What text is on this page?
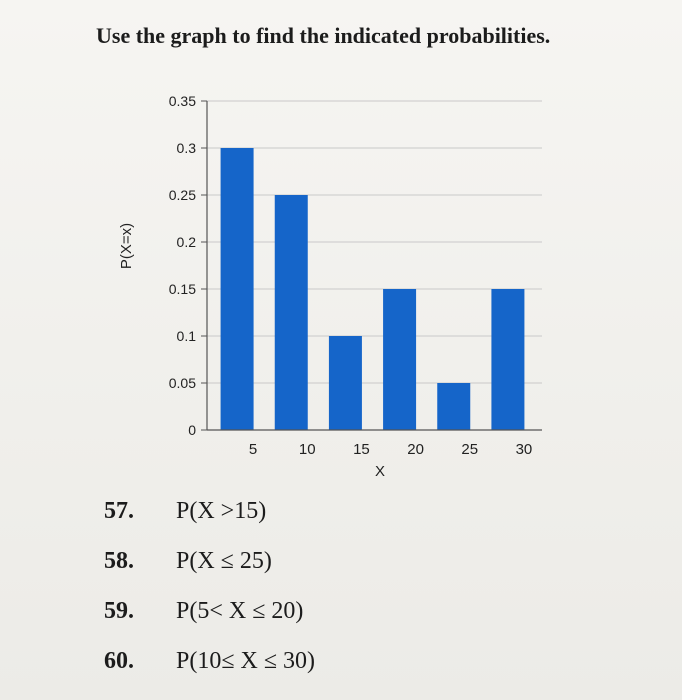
Use the graph to find the indicated probabilities.
0
0.05
0.1
0.15
0.2
0.25
0.3
0.35
5	10 15 20 25 30
X
P(X=x)
57. P(X >15)
58. P(X ≤ 25)
59. P(5< X ≤ 20)
60. P(10≤ X ≤ 30)
